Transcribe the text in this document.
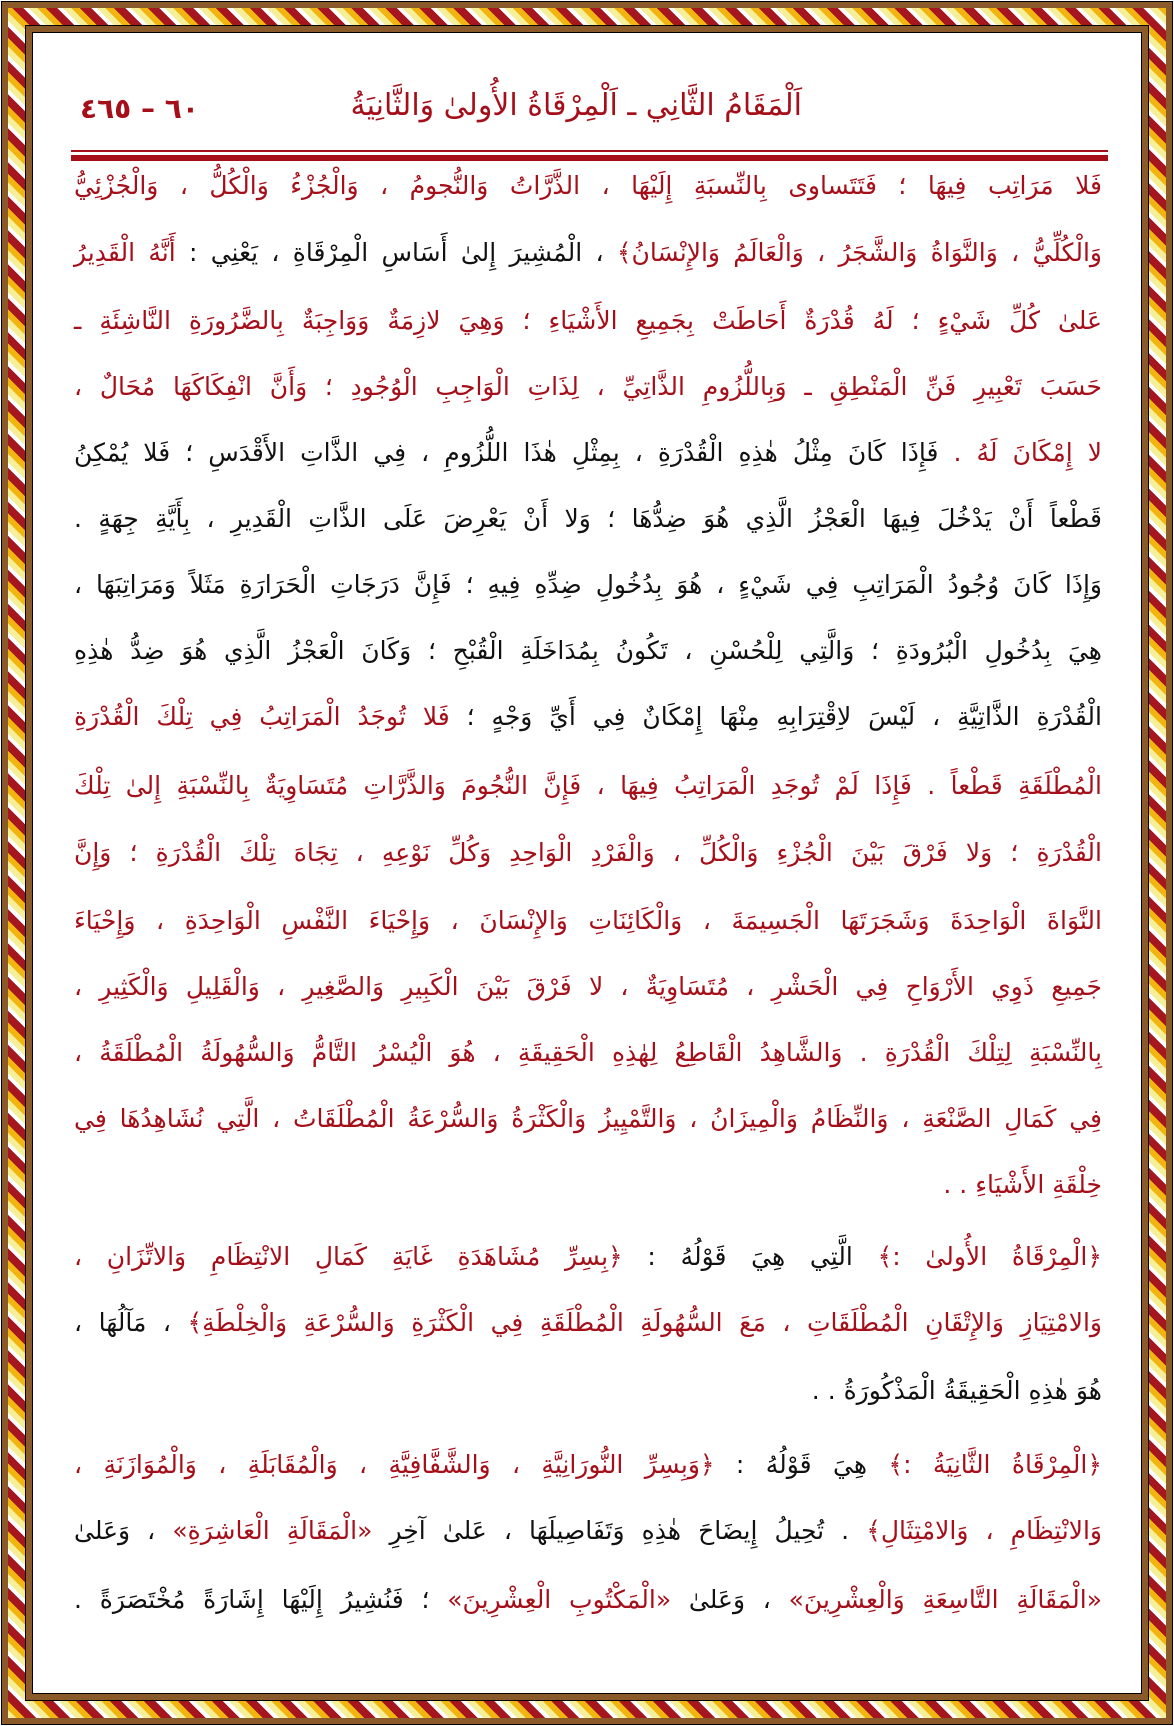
اَلْمَقَامُ الثَّانِي ـ اَلْمِرْقَاةُ الأُولىٰ وَالثَّانِيَةُ
٦٠ – ٤٦٥
فَلا مَرَاتِب فِيهَا ؛ فَتَتَساوى بِالنِّسبَةِ إِلَيْهَا ، الذَّرَّاتُ وَالنُّجومُ ، وَالْجُزْءُ وَالْكُلُّ ، وَالْجُزْئِيُّ
وَالْكُلِّيُّ ، وَالنَّوَاةُ وَالشَّجَرُ ، وَالْعَالَمُ وَالإِنْسَانُ﴾ ، الْمُشِيرَ إِلىٰ أَسَاسِ الْمِرْقَاةِ ، يَعْنِي : أَنَّهُ الْقَدِيرُ
عَلىٰ كُلِّ شَيْءٍ ؛ لَهُ قُدْرَةٌ أَحَاطَتْ بِجَمِيعِ الأَشْيَاءِ ؛ وَهِيَ لازِمَةٌ وَوَاجِبَةٌ بِالضَّرُورَةِ النَّاشِئَةِ ـ
حَسَبَ تَعْبِيرِ فَنِّ الْمَنْطِقِ ـ وَبِاللُّزُومِ الذَّاتِيِّ ، لِذَاتِ الْوَاجِبِ الْوُجُودِ ؛ وَأَنَّ انْفِكَاكَهَا مُحَالٌ ،
لا إِمْكَانَ لَهُ . فَإِذَا كَانَ مِثْلُ هٰذِهِ الْقُدْرَةِ ، بِمِثْلِ هٰذَا اللُّزُومِ ، فِي الذَّاتِ الأَقْدَسِ ؛ فَلا يُمْكِنُ
قَطْعاً أَنْ يَدْخُلَ فِيهَا الْعَجْزُ الَّذِي هُوَ ضِدُّهَا ؛ وَلا أَنْ يَعْرِضَ عَلَى الذَّاتِ الْقَدِيرِ ، بِأَيَّةِ جِهَةٍ .
وَإِذَا كَانَ وُجُودُ الْمَرَاتِبِ فِي شَيْءٍ ، هُوَ بِدُخُولِ ضِدِّهِ فِيهِ ؛ فَإِنَّ دَرَجَاتِ الْحَرَارَةِ مَثَلاً وَمَرَاتِبَهَا ،
هِيَ بِدُخُولِ الْبُرُودَةِ ؛ وَالَّتِي لِلْحُسْنِ ، تَكُونُ بِمُدَاخَلَةِ الْقُبْحِ ؛ وَكَانَ الْعَجْزُ الَّذِي هُوَ ضِدُّ هٰذِهِ
الْقُدْرَةِ الذَّاتِيَّةِ ، لَيْسَ لاِقْتِرَابِهِ مِنْهَا إِمْكَانٌ فِي أَيِّ وَجْهٍ ؛ فَلا تُوجَدُ الْمَرَاتِبُ فِي تِلْكَ الْقُدْرَةِ
الْمُطْلَقَةِ قَطْعاً . فَإِذَا لَمْ تُوجَدِ الْمَرَاتِبُ فِيهَا ، فَإِنَّ النُّجُومَ وَالذَّرَّاتِ مُتَسَاوِيَةٌ بِالنِّسْبَةِ إِلىٰ تِلْكَ
الْقُدْرَةِ ؛ وَلا فَرْقَ بَيْنَ الْجُزْءِ وَالْكُلِّ ، وَالْفَرْدِ الْوَاحِدِ وَكُلِّ نَوْعِهِ ، تِجَاهَ تِلْكَ الْقُدْرَةِ ؛ وَإِنَّ
النَّوَاةَ الْوَاحِدَةَ وَشَجَرَتَهَا الْجَسِيمَةَ ، وَالْكَائِنَاتِ وَالإِنْسَانَ ، وَإِحْيَاءَ النَّفْسِ الْوَاحِدَةِ ، وَإِحْيَاءَ
جَمِيعِ ذَوِي الأَرْوَاحِ فِي الْحَشْرِ ، مُتَسَاوِيَةٌ ، لا فَرْقَ بَيْنَ الْكَبِيرِ وَالصَّغِيرِ ، وَالْقَلِيلِ وَالْكَثِيرِ ،
بِالنِّسْبَةِ لِتِلْكَ الْقُدْرَةِ . وَالشَّاهِدُ الْقَاطِعُ لِهٰذِهِ الْحَقِيقَةِ ، هُوَ الْيُسْرُ التَّامُّ وَالسُّهُولَةُ الْمُطْلَقَةُ ،
فِي كَمَالِ الصَّنْعَةِ ، وَالنِّظَامُ وَالْمِيزَانُ ، وَالتَّمْيِيزُ وَالْكَثْرَةُ وَالسُّرْعَةُ الْمُطْلَقَاتُ ، الَّتِي نُشَاهِدُهَا فِي
خِلْقَةِ الأَشْيَاءِ . .
﴿الْمِرْقَاةُ الأُولىٰ :﴾ الَّتِي هِيَ قَوْلُهُ : ﴿بِسِرِّ مُشَاهَدَةِ غَايَةِ كَمَالِ الانْتِظَامِ وَالاتِّزَانِ ،
وَالامْتِيَازِ وَالإِتْقَانِ الْمُطْلَقَاتِ ، مَعَ السُّهُولَةِ الْمُطْلَقَةِ فِي الْكَثْرَةِ وَالسُّرْعَةِ وَالْخِلْطَةِ﴾ ، مَآلُهَا ،
هُوَ هٰذِهِ الْحَقِيقَةُ الْمَذْكُورَةُ . .
﴿الْمِرْقَاةُ الثَّانِيَةُ :﴾ هِيَ قَوْلُهُ : ﴿وَبِسِرِّ النُّورَانِيَّةِ ، وَالشَّفَّافِيَّةِ ، وَالْمُقَابَلَةِ ، وَالْمُوَازَنَةِ ،
وَالانْتِظَامِ ، وَالامْتِثَالِ﴾ . تُحِيلُ إِيضَاحَ هٰذِهِ وَتَفَاصِيلَهَا ، عَلىٰ آخِرِ «الْمَقَالَةِ الْعَاشِرَةِ» ، وَعَلىٰ
«الْمَقَالَةِ التَّاسِعَةِ وَالْعِشْرِينَ» ، وَعَلىٰ «الْمَكْتُوبِ الْعِشْرِينَ» ؛ فَنُشِيرُ إِلَيْهَا إِشَارَةً مُخْتَصَرَةً .
